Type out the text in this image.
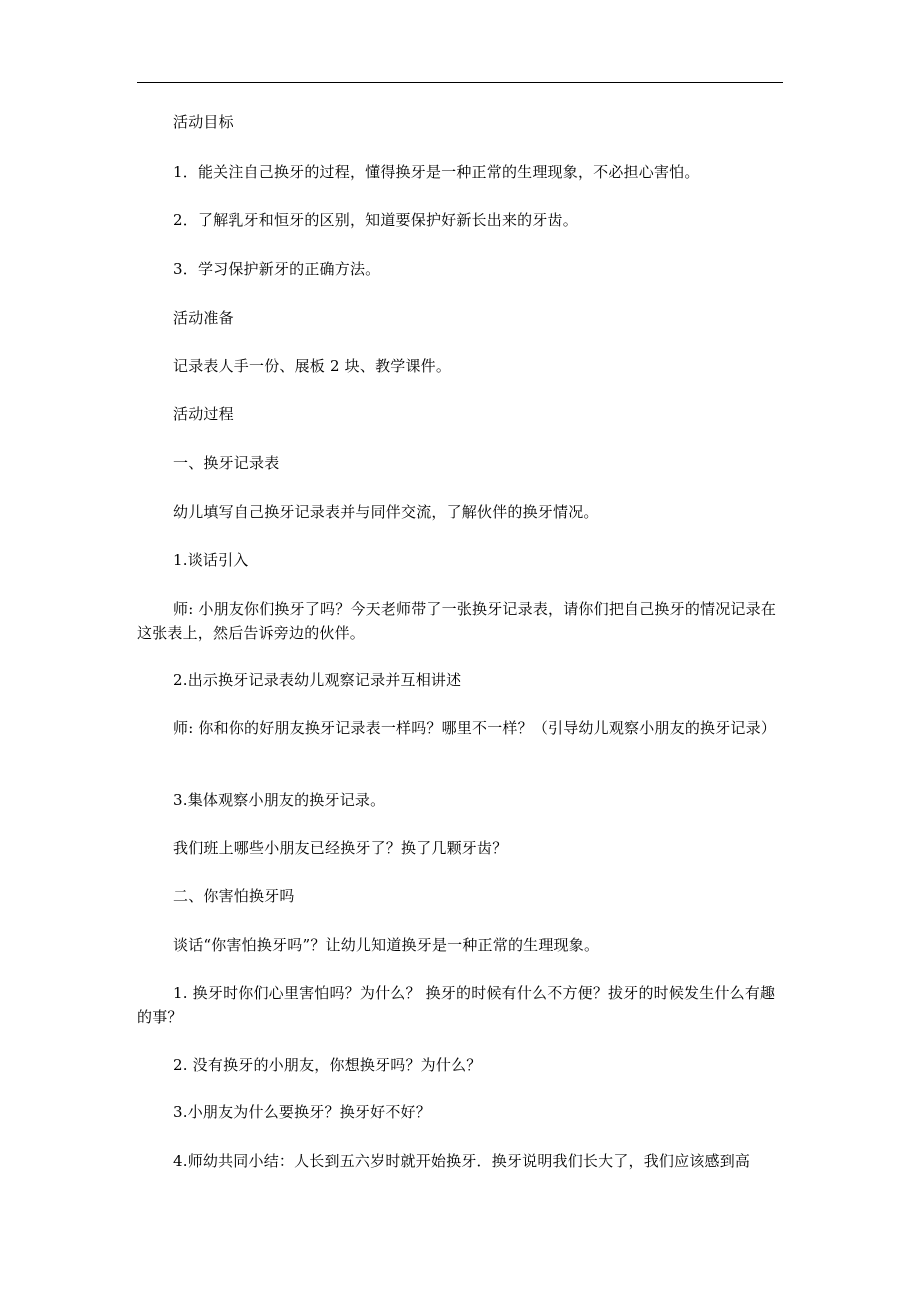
活动目标

1．能关注自己换牙的过程，懂得换牙是一种正常的生理现象，不必担心害怕。

2．了解乳牙和恒牙的区别，知道要保护好新长出来的牙齿。

3．学习保护新牙的正确方法。

活动准备

记录表人手一份、展板 2 块、教学课件。

活动过程

一、换牙记录表

幼儿填写自己换牙记录表并与同伴交流，了解伙伴的换牙情况。

1.谈话引入

师: 小朋友你们换牙了吗？今天老师带了一张换牙记录表，请你们把自己换牙的情况记录在这张表上，然后告诉旁边的伙伴。

2.出示换牙记录表幼儿观察记录并互相讲述

师: 你和你的好朋友换牙记录表一样吗？哪里不一样？（引导幼儿观察小朋友的换牙记录）

3.集体观察小朋友的换牙记录。

我们班上哪些小朋友已经换牙了？换了几颗牙齿？

二、你害怕换牙吗

谈话“你害怕换牙吗”？让幼儿知道换牙是一种正常的生理现象。

1. 换牙时你们心里害怕吗？为什么？ 换牙的时候有什么不方便？拔牙的时候发生什么有趣的事？

2. 没有换牙的小朋友，你想换牙吗？为什么？

3.小朋友为什么要换牙？换牙好不好？

4.师幼共同小结：人长到五六岁时就开始换牙．换牙说明我们长大了，我们应该感到高
